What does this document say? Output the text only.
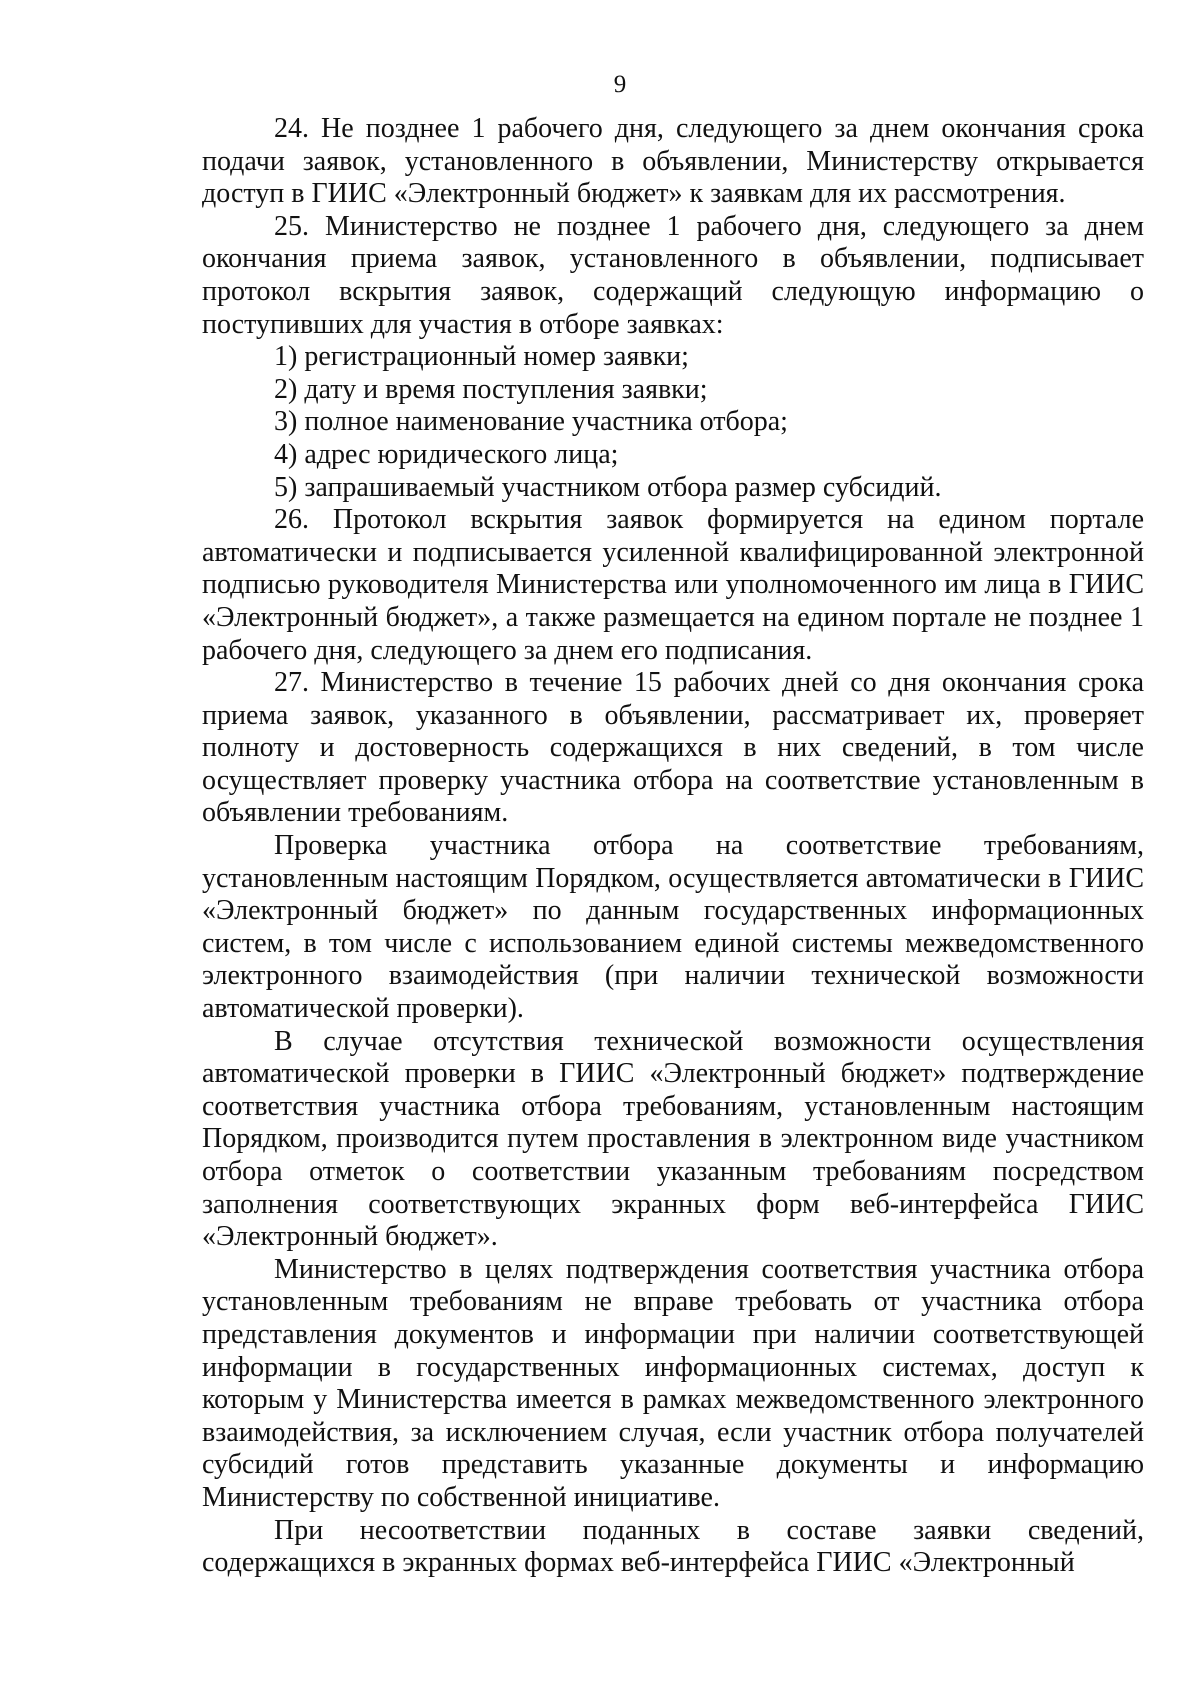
9

24. Не позднее 1 рабочего дня, следующего за днем окончания срока подачи заявок, установленного в объявлении, Министерству открывается доступ в ГИИС «Электронный бюджет» к заявкам для их рассмотрения.

25. Министерство не позднее 1 рабочего дня, следующего за днем окончания приема заявок, установленного в объявлении, подписывает протокол вскрытия заявок, содержащий следующую информацию о поступивших для участия в отборе заявках:

1) регистрационный номер заявки;

2) дату и время поступления заявки;

3) полное наименование участника отбора;

4) адрес юридического лица;

5) запрашиваемый участником отбора размер субсидий.

26. Протокол вскрытия заявок формируется на едином портале автоматически и подписывается усиленной квалифицированной электронной подписью руководителя Министерства или уполномоченного им лица в ГИИС «Электронный бюджет», а также размещается на едином портале не позднее 1 рабочего дня, следующего за днем его подписания.

27. Министерство в течение 15 рабочих дней со дня окончания срока приема заявок, указанного в объявлении, рассматривает их, проверяет полноту и достоверность содержащихся в них сведений, в том числе осуществляет проверку участника отбора на соответствие установленным в объявлении требованиям.

Проверка участника отбора на соответствие требованиям, установленным настоящим Порядком, осуществляется автоматически в ГИИС «Электронный бюджет» по данным государственных информационных систем, в том числе с использованием единой системы межведомственного электронного взаимодействия (при наличии технической возможности автоматической проверки).

В случае отсутствия технической возможности осуществления автоматической проверки в ГИИС «Электронный бюджет» подтверждение соответствия участника отбора требованиям, установленным настоящим Порядком, производится путем проставления в электронном виде участником отбора отметок о соответствии указанным требованиям посредством заполнения соответствующих экранных форм веб-интерфейса ГИИС «Электронный бюджет».

Министерство в целях подтверждения соответствия участника отбора установленным требованиям не вправе требовать от участника отбора представления документов и информации при наличии соответствующей информации в государственных информационных системах, доступ к которым у Министерства имеется в рамках межведомственного электронного взаимодействия, за исключением случая, если участник отбора получателей субсидий готов представить указанные документы и информацию Министерству по собственной инициативе.

При несоответствии поданных в составе заявки сведений, содержащихся в экранных формах веб-интерфейса ГИИС «Электронный
